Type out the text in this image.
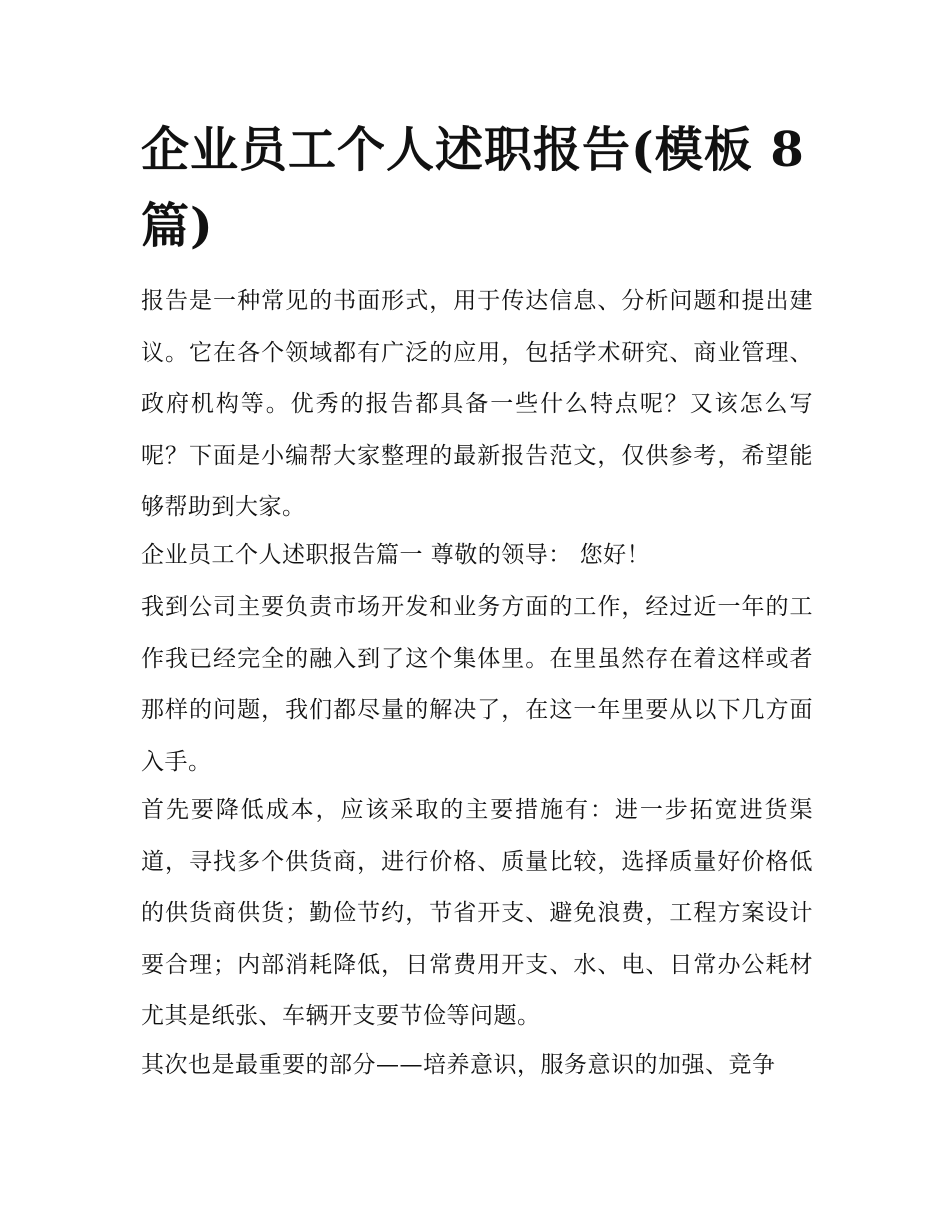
企业员工个人述职报告(模板 8 篇)

报告是一种常见的书面形式，用于传达信息、分析问题和提出建议。它在各个领域都有广泛的应用，包括学术研究、商业管理、政府机构等。优秀的报告都具备一些什么特点呢？又该怎么写呢？下面是小编帮大家整理的最新报告范文，仅供参考，希望能够帮助到大家。

企业员工个人述职报告篇一 尊敬的领导： 您好！

我到公司主要负责市场开发和业务方面的工作，经过近一年的工作我已经完全的融入到了这个集体里。在里虽然存在着这样或者那样的问题，我们都尽量的解决了，在这一年里要从以下几方面入手。

首先要降低成本，应该采取的主要措施有：进一步拓宽进货渠道，寻找多个供货商，进行价格、质量比较，选择质量好价格低的供货商供货；勤俭节约，节省开支、避免浪费，工程方案设计要合理；内部消耗降低，日常费用开支、水、电、日常办公耗材尤其是纸张、车辆开支要节俭等问题。

其次也是最重要的部分——培养意识，服务意识的加强、竞争
